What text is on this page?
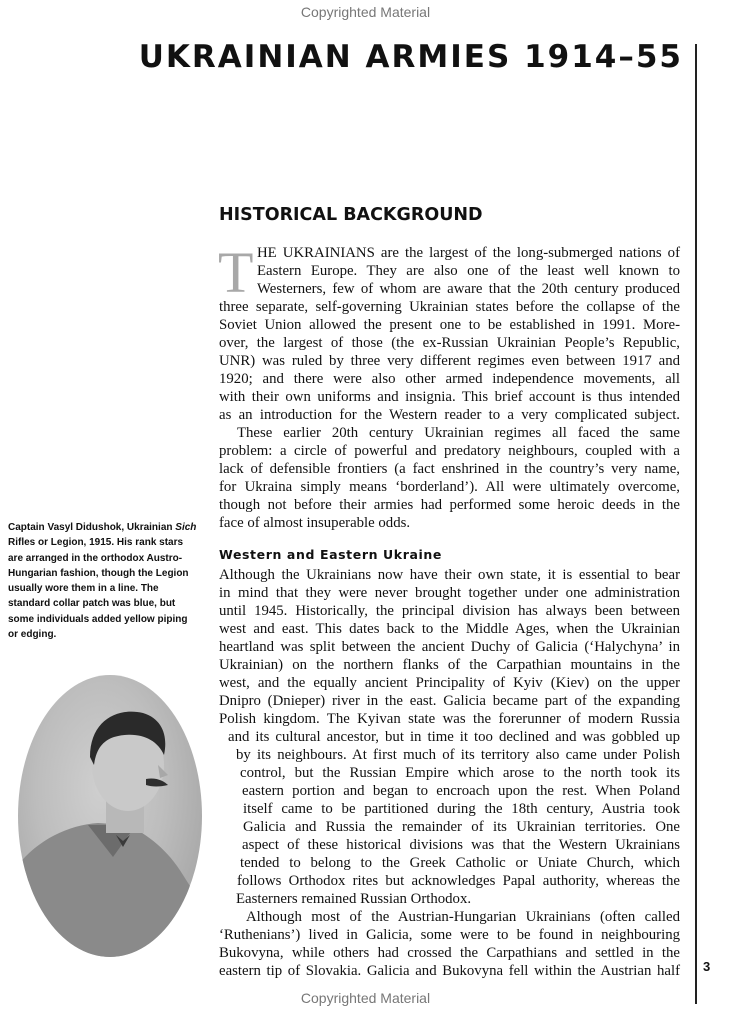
Copyrighted Material
UKRAINIAN ARMIES 1914–55
HISTORICAL BACKGROUND
T
Captain Vasyl Didushok, Ukrainian Sich Rifles or Legion, 1915. His rank stars are arranged in the orthodox Austro-Hungarian fashion, though the Legion usually wore them in a line. The standard collar patch was blue, but some individuals added yellow piping or edging.
HE UKRAINIANS are the largest of the long-submerged nations of
Eastern Europe. They are also one of the least well known to
Westerners, few of whom are aware that the 20th century produced
three separate, self-governing Ukrainian states before the collapse of the
Soviet Union allowed the present one to be established in 1991. More-
over, the largest of those (the ex-Russian Ukrainian People’s Republic,
UNR) was ruled by three very different regimes even between 1917 and
1920; and there were also other armed independence movements, all
with their own uniforms and insignia. This brief account is thus intended
as an introduction for the Western reader to a very complicated subject.
These earlier 20th century Ukrainian regimes all faced the same
problem: a circle of powerful and predatory neighbours, coupled with a
lack of defensible frontiers (a fact enshrined in the country’s very name,
for Ukraina simply means ‘borderland’). All were ultimately overcome,
though not before their armies had performed some heroic deeds in the
face of almost insuperable odds.
Western and Eastern Ukraine
Although the Ukrainians now have their own state, it is essential to bear
in mind that they were never brought together under one administration
until 1945. Historically, the principal division has always been between
west and east. This dates back to the Middle Ages, when the Ukrainian
heartland was split between the ancient Duchy of Galicia (‘Halychyna’ in
Ukrainian) on the northern flanks of the Carpathian mountains in the
west, and the equally ancient Principality of Kyiv (Kiev) on the upper
Dnipro (Dnieper) river in the east. Galicia became part of the expanding
Polish kingdom. The Kyivan state was the forerunner of modern Russia
and its cultural ancestor, but in time it too declined and was gobbled up
by its neighbours. At first much of its territory also came under Polish
control, but the Russian Empire which arose to the north took its
eastern portion and began to encroach upon the rest. When Poland
itself came to be partitioned during the 18th century, Austria took
Galicia and Russia the remainder of its Ukrainian territories. One
aspect of these historical divisions was that the Western Ukrainians
tended to belong to the Greek Catholic or Uniate Church, which
follows Orthodox rites but acknowledges Papal authority, whereas the
Easterners remained Russian Orthodox.
Although most of the Austrian-Hungarian Ukrainians (often called
‘Ruthenians’) lived in Galicia, some were to be found in neighbouring
Bukovyna, while others had crossed the Carpathians and settled in the
eastern tip of Slovakia. Galicia and Bukovyna fell within the Austrian half 3
Copyrighted Material
